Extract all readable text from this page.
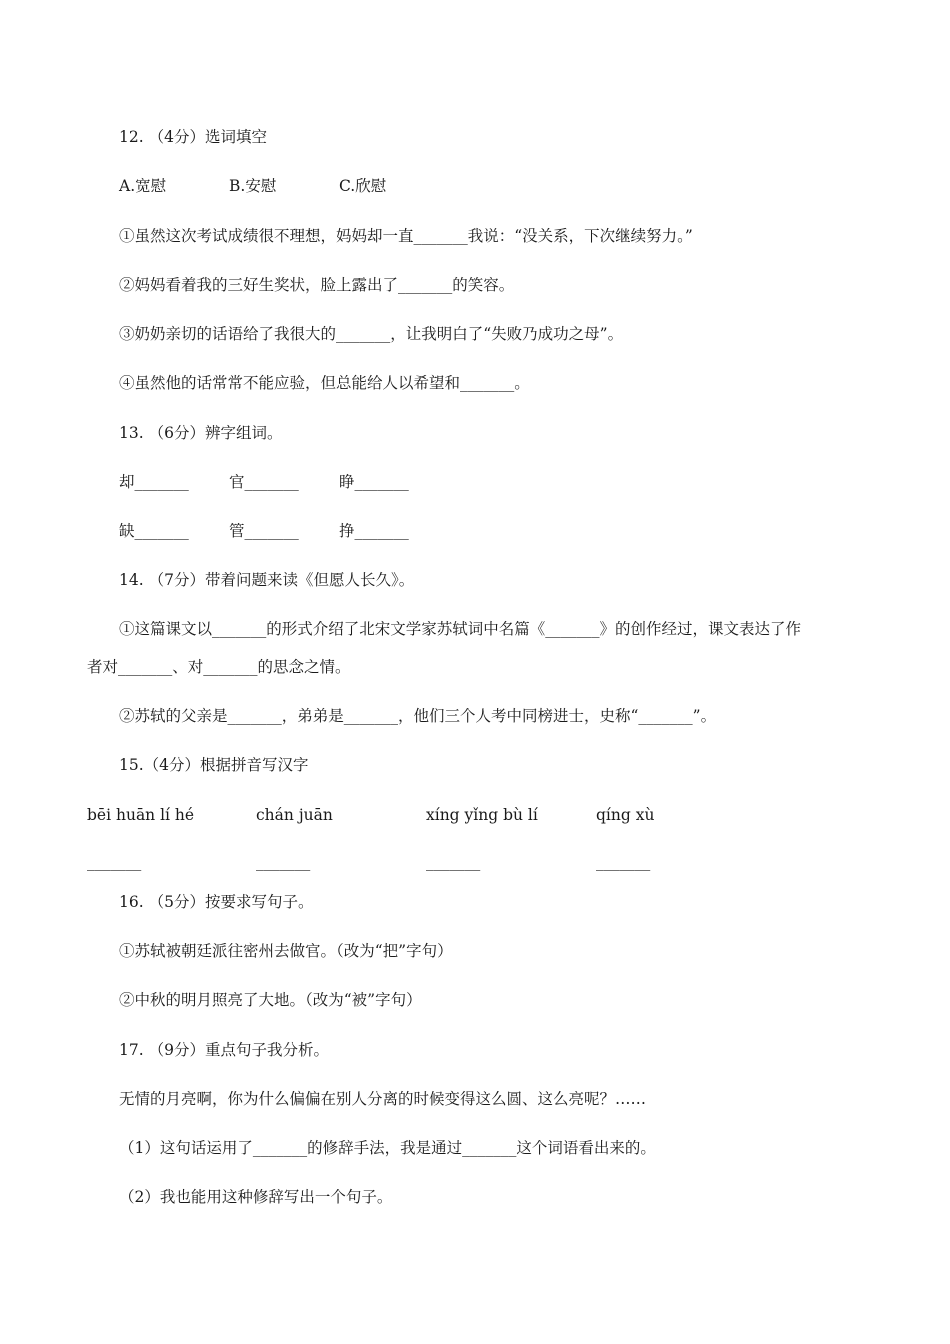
12. （4分）选词填空
A.宽慰	B.安慰	C.欣慰
①虽然这次考试成绩很不理想，妈妈却一直_______我说：“没关系，下次继续努力。”
②妈妈看着我的三好生奖状，脸上露出了_______的笑容。
③奶奶亲切的话语给了我很大的_______，让我明白了“失败乃成功之母”。
④虽然他的话常常不能应验，但总能给人以希望和_______。
13. （6分）辨字组词。
却_______	官_______	睁_______
缺_______	管_______	挣_______
14. （7分）带着问题来读《但愿人长久》。
①这篇课文以_______的形式介绍了北宋文学家苏轼词中名篇《_______》的创作经过，课文表达了作
者对_______、对_______的思念之情。
②苏轼的父亲是_______，弟弟是_______，他们三个人考中同榜进士，史称“_______”。
15.（4分）根据拼音写汉字
bēi huān lí hé	chán juān	xíng yǐng bù lí	qíng xù
_______	_______	_______	_______
16. （5分）按要求写句子。
①苏轼被朝廷派往密州去做官。（改为“把”字句）
②中秋的明月照亮了大地。（改为“被”字句）
17. （9分）重点句子我分析。
无情的月亮啊，你为什么偏偏在别人分离的时候变得这么圆、这么亮呢？……
（1）这句话运用了_______的修辞手法，我是通过_______这个词语看出来的。
（2）我也能用这种修辞写出一个句子。
